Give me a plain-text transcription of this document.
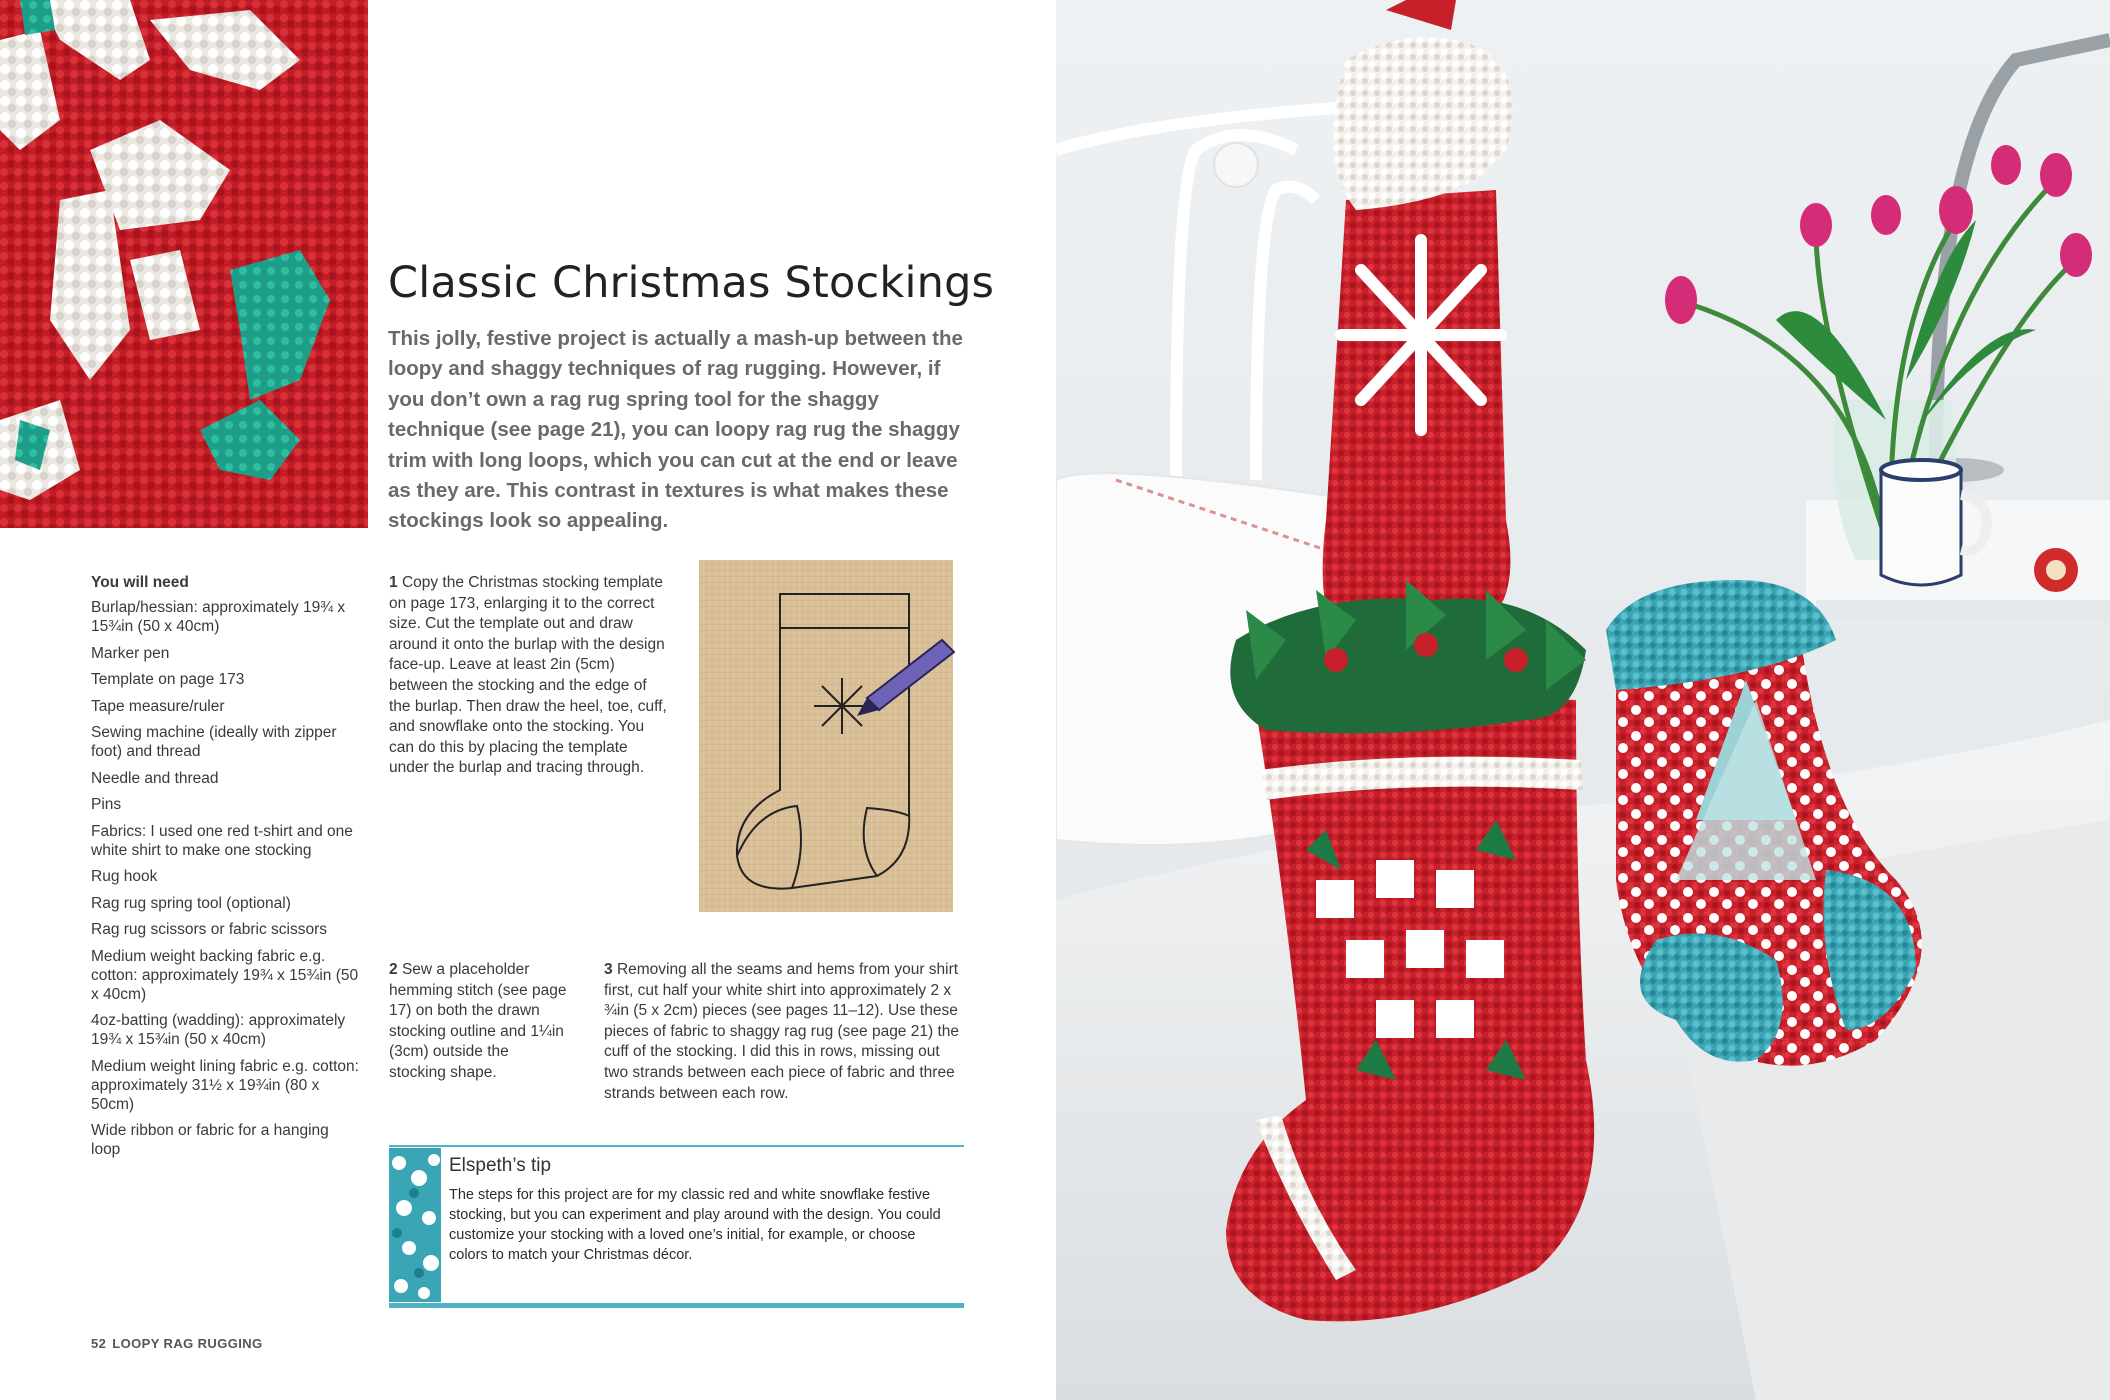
Classic Christmas Stockings
This jolly, festive project is actually a mash-up between the loopy and shaggy techniques of rag rugging. However, if you don’t own a rag rug spring tool for the shaggy technique (see page 21), you can loopy rag rug the shaggy trim with long loops, which you can cut at the end or leave as they are. This contrast in textures is what makes these stockings look so appealing.
You will need
Burlap/hessian: approximately 19¾ x 15¾in (50 x 40cm)
Marker pen
Template on page 173
Tape measure/ruler
Sewing machine (ideally with zipper foot) and thread
Needle and thread
Pins
Fabrics: I used one red t-shirt and one white shirt to make one stocking
Rug hook
Rag rug spring tool (optional)
Rag rug scissors or fabric scissors
Medium weight backing fabric e.g. cotton: approximately 19¾ x 15¾in (50 x 40cm)
4oz-batting (wadding): approximately 19¾ x 15¾in (50 x 40cm)
Medium weight lining fabric e.g. cotton: approximately 31½ x 19¾in (80 x 50cm)
Wide ribbon or fabric for a hanging loop
1 Copy the Christmas stocking template on page 173, enlarging it to the correct size. Cut the template out and draw around it onto the burlap with the design face-up. Leave at least 2in (5cm) between the stocking and the edge of the burlap. Then draw the heel, toe, cuff, and snowflake onto the stocking. You can do this by placing the template under the burlap and tracing through.
2 Sew a placeholder hemming stitch (see page 17) on both the drawn stocking outline and 1¼in (3cm) outside the stocking shape.
3 Removing all the seams and hems from your shirt first, cut half your white shirt into approximately 2 x ¾in (5 x 2cm) pieces (see pages 11–12). Use these pieces of fabric to shaggy rag rug (see page 21) the cuff of the stocking. I did this in rows, missing out two strands between each piece of fabric and three strands between each row.
Elspeth’s tip
The steps for this project are for my classic red and white snowflake festive stocking, but you can experiment and play around with the design. You could customize your stocking with a loved one’s initial, for example, or choose colors to match your Christmas décor.
52 LOOPY RAG RUGGING
